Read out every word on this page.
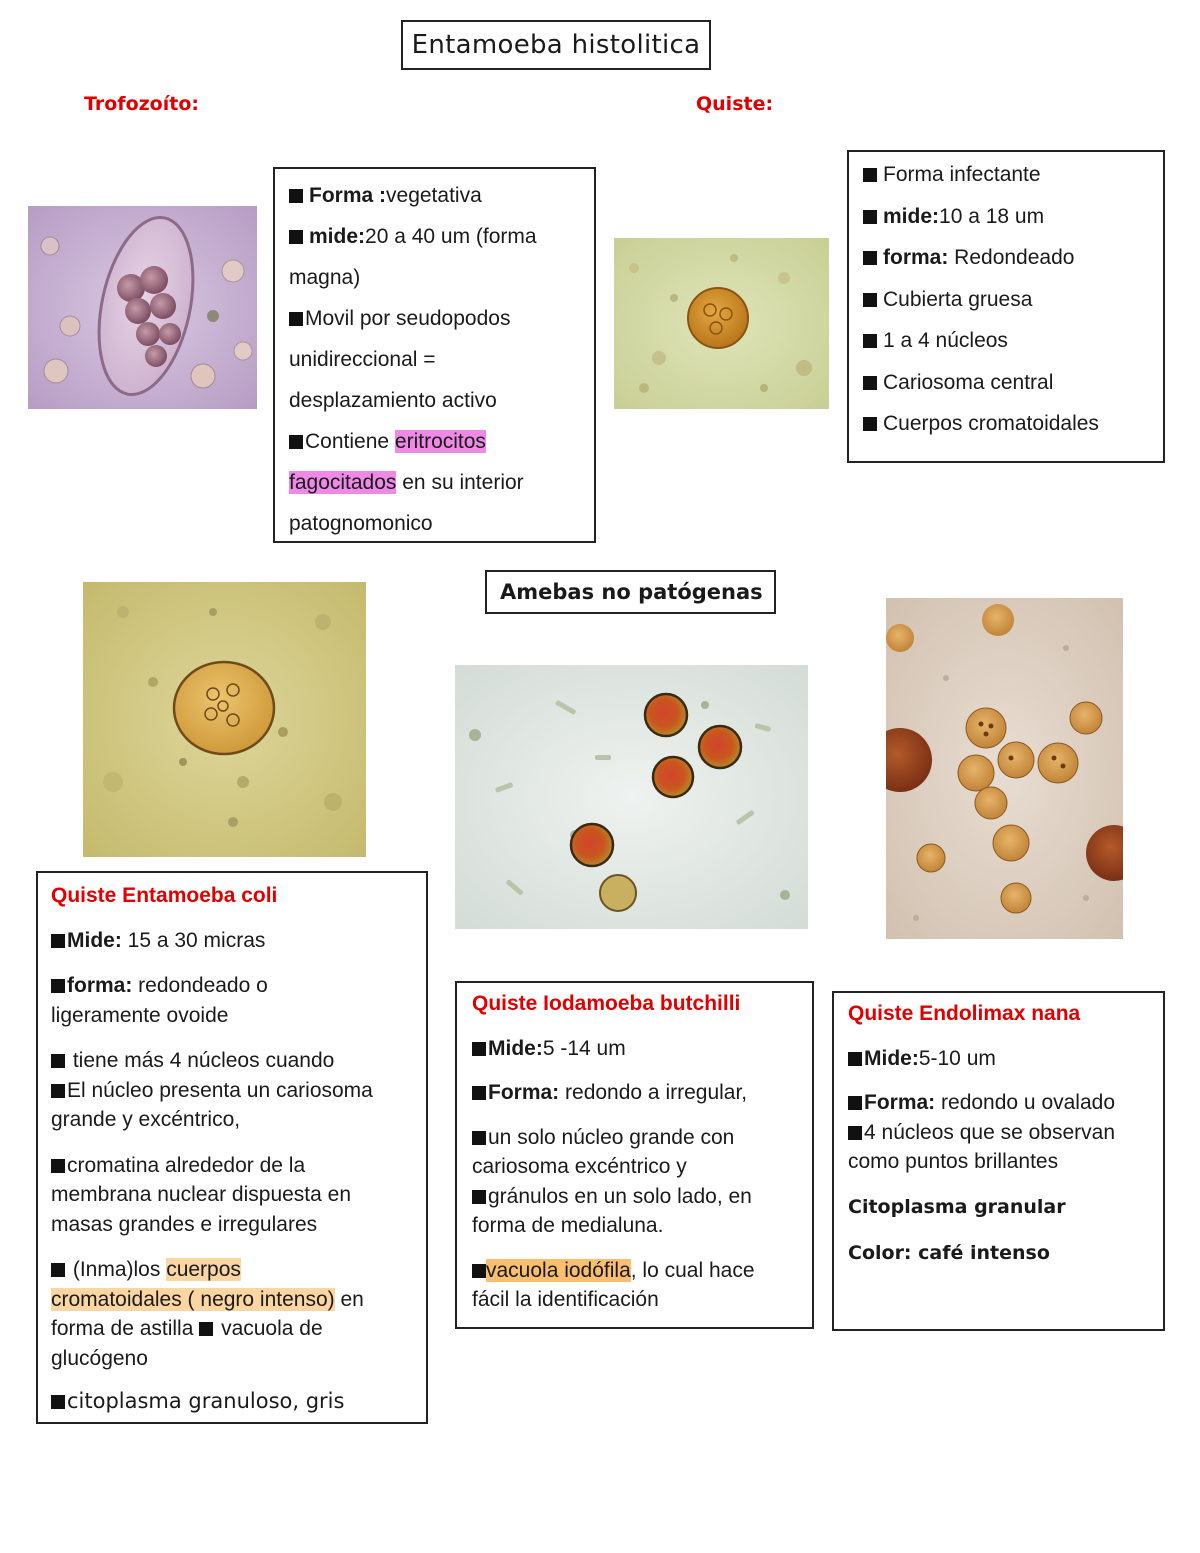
Entamoeba histolitica
Trofozoíto:	Quiste:
Forma :vegetativa
mide:20 a 40 um (forma
magna)
Movil por seudopodos
unidireccional =
desplazamiento activo
Contiene eritrocitos
fagocitados en su interior
patognomonico
Forma infectante
mide:10 a 18 um
forma: Redondeado
Cubierta gruesa
1 a 4 núcleos
Cariosoma central
Cuerpos cromatoidales
Amebas no patógenas

Quiste Entamoeba coli

Mide: 15 a 30 micras

forma: redondeado o

ligeramente ovoide

tiene más 4 núcleos cuando

El núcleo presenta un cariosoma

grande y excéntrico,

cromatina alrededor de la

membrana nuclear dispuesta en

masas grandes e irregulares

(Inma)los cuerpos

cromatoidales ( negro intenso) en

forma de astilla  vacuola de

glucógeno

citoplasma granuloso, gris

Quiste Iodamoeba butchilli

Mide:5 -14 um

Forma: redondo a irregular,

un solo núcleo grande con

cariosoma excéntrico y

gránulos en un solo lado, en

forma de medialuna.

vacuola iodófila, lo cual hace

fácil la identificación

Quiste Endolimax nana

Mide:5-10 um

Forma: redondo u ovalado

4 núcleos que se observan

como puntos brillantes

Citoplasma granular

Color: café intenso
